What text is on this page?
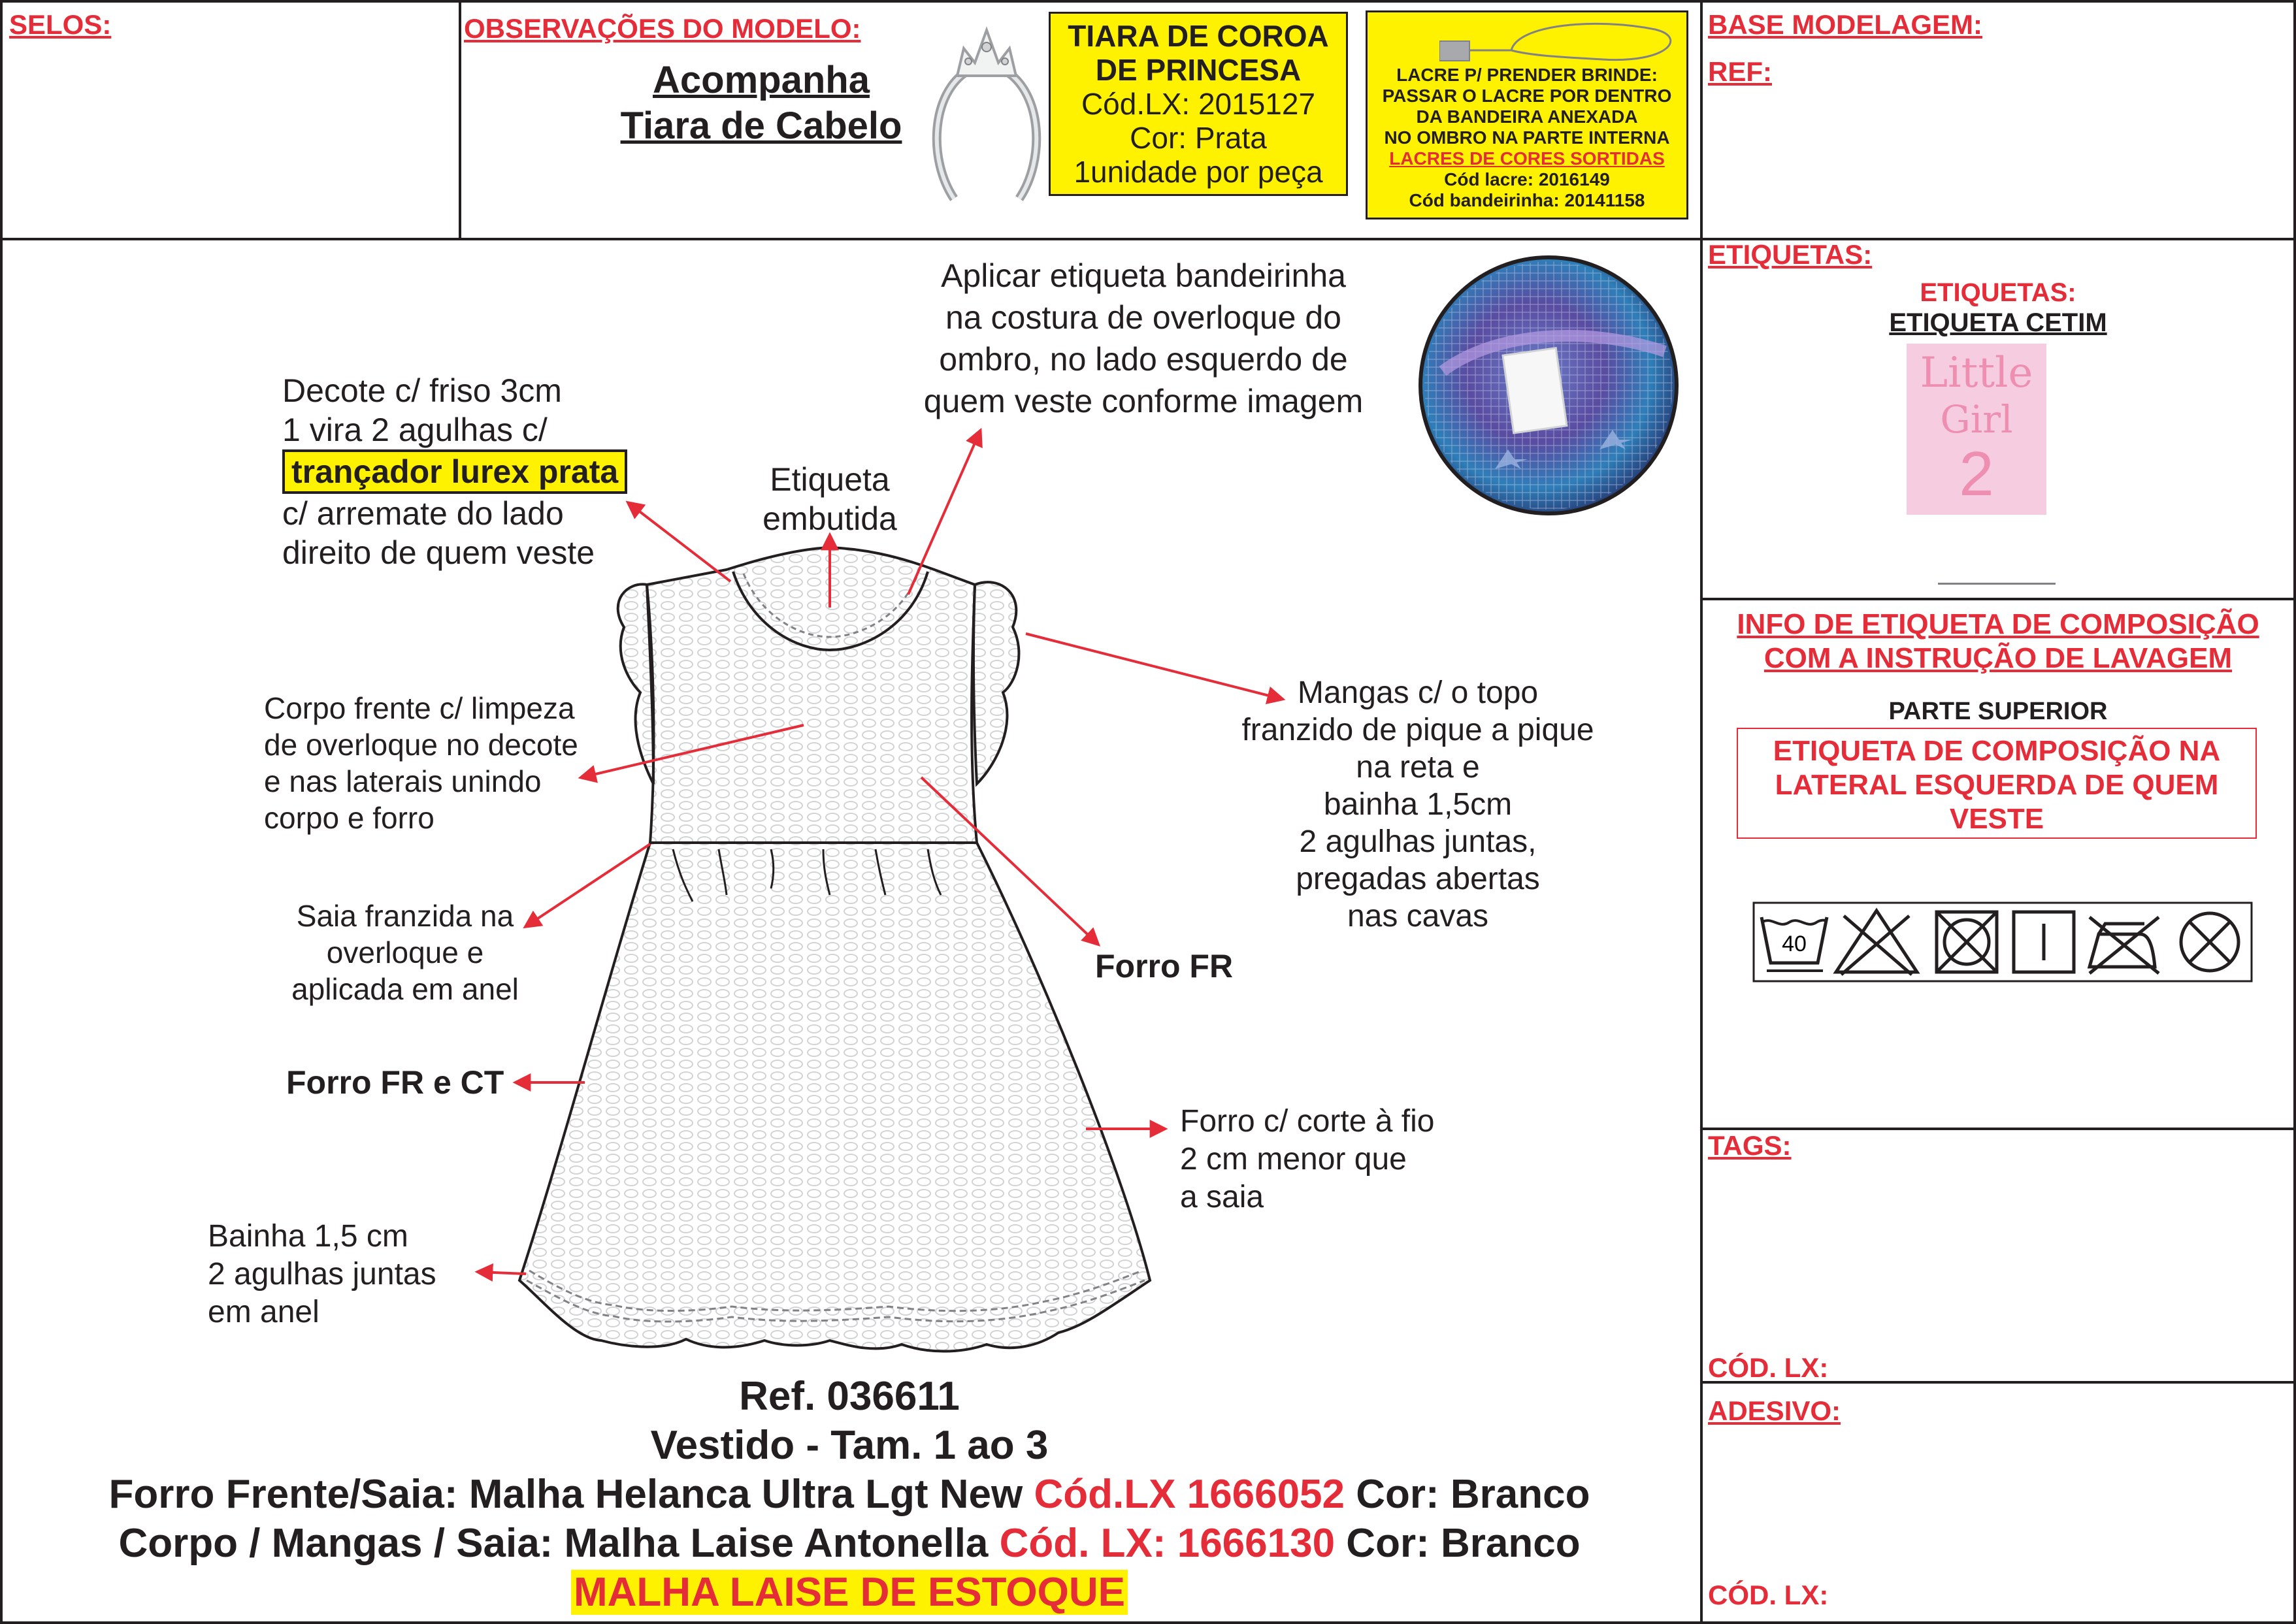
SELOS:	OBSERVAÇÕES DO MODELO:
Acompanha
Tiara de Cabelo
TIARA DE COROA
DE PRINCESA
Cód.LX: 2015127
Cor: Prata
1unidade por peça
LACRE P/ PRENDER BRINDE:
PASSAR O LACRE POR DENTRO
DA BANDEIRA ANEXADA
NO OMBRO NA PARTE INTERNA
LACRES DE CORES SORTIDAS
Cód lacre: 2016149
Cód bandeirinha: 20141158
BASE MODELAGEM:
REF:
Aplicar etiqueta bandeirinha
na costura de overloque do
ombro, no lado esquerdo de
quem veste conforme imagem
Decote c/ friso 3cm
1 vira 2 agulhas c/
trançador lurex prata
c/ arremate do lado
direito de quem veste
Etiqueta
embutida
Corpo frente c/ limpeza
de overloque no decote
e nas laterais unindo
corpo e forro
Mangas c/ o topo
franzido de pique a pique
na reta e
bainha 1,5cm
2 agulhas juntas,
pregadas abertas
nas cavas
Saia franzida na
overloque e
aplicada em anel
Forro FR
Forro FR e CT
Forro c/ corte à fio
2 cm menor que
a saia
Bainha 1,5 cm
2 agulhas juntas
em anel
Ref. 036611
Vestido - Tam. 1 ao 3
Forro Frente/Saia: Malha Helanca Ultra Lgt New Cód.LX 1666052 Cor: Branco
Corpo / Mangas / Saia: Malha Laise Antonella Cód. LX: 1666130 Cor: Branco
MALHA LAISE DE ESTOQUE
ETIQUETAS:
ETIQUETAS:
ETIQUETA CETIM
Little
Girl
2
INFO DE ETIQUETA DE COMPOSIÇÃO
COM A INSTRUÇÃO DE LAVAGEM
PARTE SUPERIOR
ETIQUETA DE COMPOSIÇÃO NA
LATERAL ESQUERDA DE QUEM
VESTE
40
TAGS:
CÓD. LX:
ADESIVO:
CÓD. LX:
